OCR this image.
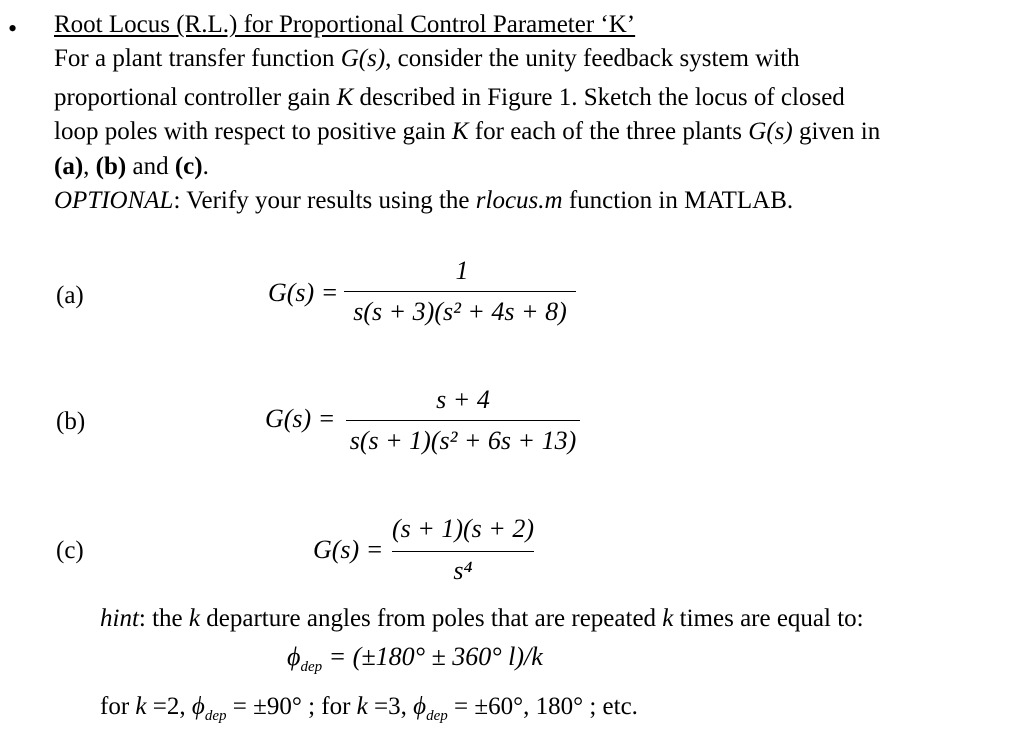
• Root Locus (R.L.) for Proportional Control Parameter ‘K’
For a plant transfer function G(s), consider the unity feedback system with
proportional controller gain K described in Figure 1. Sketch the locus of closed
loop poles with respect to positive gain K for each of the three plants G(s) given in
(a), (b) and (c).
OPTIONAL: Verify your results using the rlocus.m function in MATLAB.
(a)	G(s) =
1
s(s + 3)(s² + 4s + 8)
(b)	G(s) =
s + 4
s(s + 1)(s² + 6s + 13)
(c)	G(s) =
(s + 1)(s + 2)
s⁴
hint: the k departure angles from poles that are repeated k times are equal to:
$\phi_{dep} = (\pm 180^\circ \pm 360^\circ$ l)/k
for k =2, $\phi_{dep} = \pm 90^\circ$ ; for k =3, $\phi_{dep} = \pm 60^\circ$, 180° ; etc.
